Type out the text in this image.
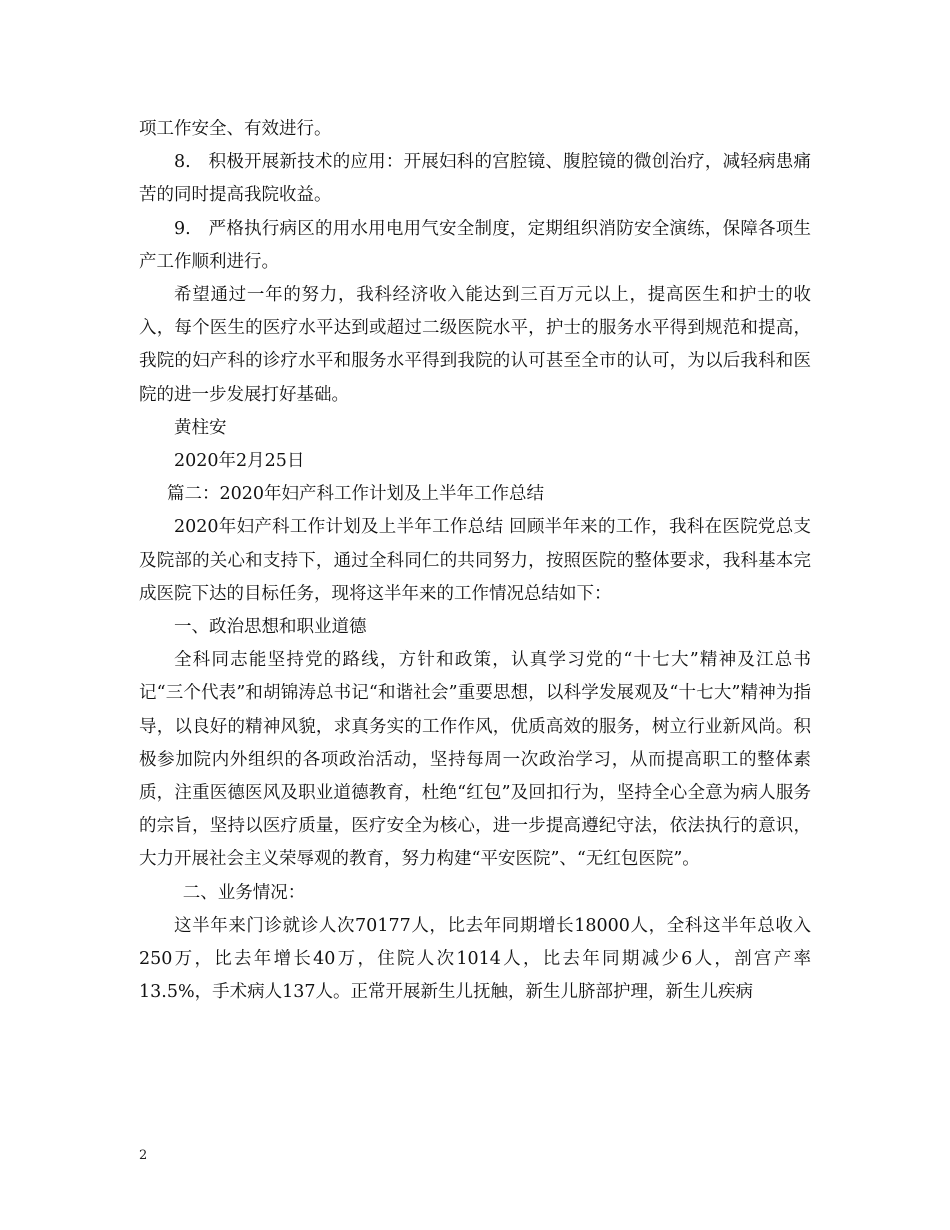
项工作安全、有效进行。

8.　积极开展新技术的应用：开展妇科的宫腔镜、腹腔镜的微创治疗，减轻病患痛苦的同时提高我院收益。

9.　严格执行病区的用水用电用气安全制度，定期组织消防安全演练，保障各项生产工作顺利进行。

希望通过一年的努力，我科经济收入能达到三百万元以上，提高医生和护士的收入，每个医生的医疗水平达到或超过二级医院水平，护士的服务水平得到规范和提高，我院的妇产科的诊疗水平和服务水平得到我院的认可甚至全市的认可，为以后我科和医院的进一步发展打好基础。

黄柱安

2020年2月25日

篇二：2020年妇产科工作计划及上半年工作总结

2020年妇产科工作计划及上半年工作总结 回顾半年来的工作，我科在医院党总支及院部的关心和支持下，通过全科同仁的共同努力，按照医院的整体要求，我科基本完成医院下达的目标任务，现将这半年来的工作情况总结如下：

一、政治思想和职业道德

全科同志能坚持党的路线，方针和政策，认真学习党的“十七大”精神及江总书记“三个代表”和胡锦涛总书记“和谐社会”重要思想，以科学发展观及“十七大”精神为指导，以良好的精神风貌，求真务实的工作作风，优质高效的服务，树立行业新风尚。积极参加院内外组织的各项政治活动，坚持每周一次政治学习，从而提高职工的整体素质，注重医德医风及职业道德教育，杜绝“红包”及回扣行为，坚持全心全意为病人服务的宗旨，坚持以医疗质量，医疗安全为核心，进一步提高遵纪守法，依法执行的意识，大力开展社会主义荣辱观的教育，努力构建“平安医院”、“无红包医院”。

二、业务情况：

这半年来门诊就诊人次70177人，比去年同期增长18000人，全科这半年总收入250万，比去年增长40万，住院人次1014人，比去年同期减少6人，剖宫产率13.5%，手术病人137人。正常开展新生儿抚触，新生儿脐部护理，新生儿疾病

2
